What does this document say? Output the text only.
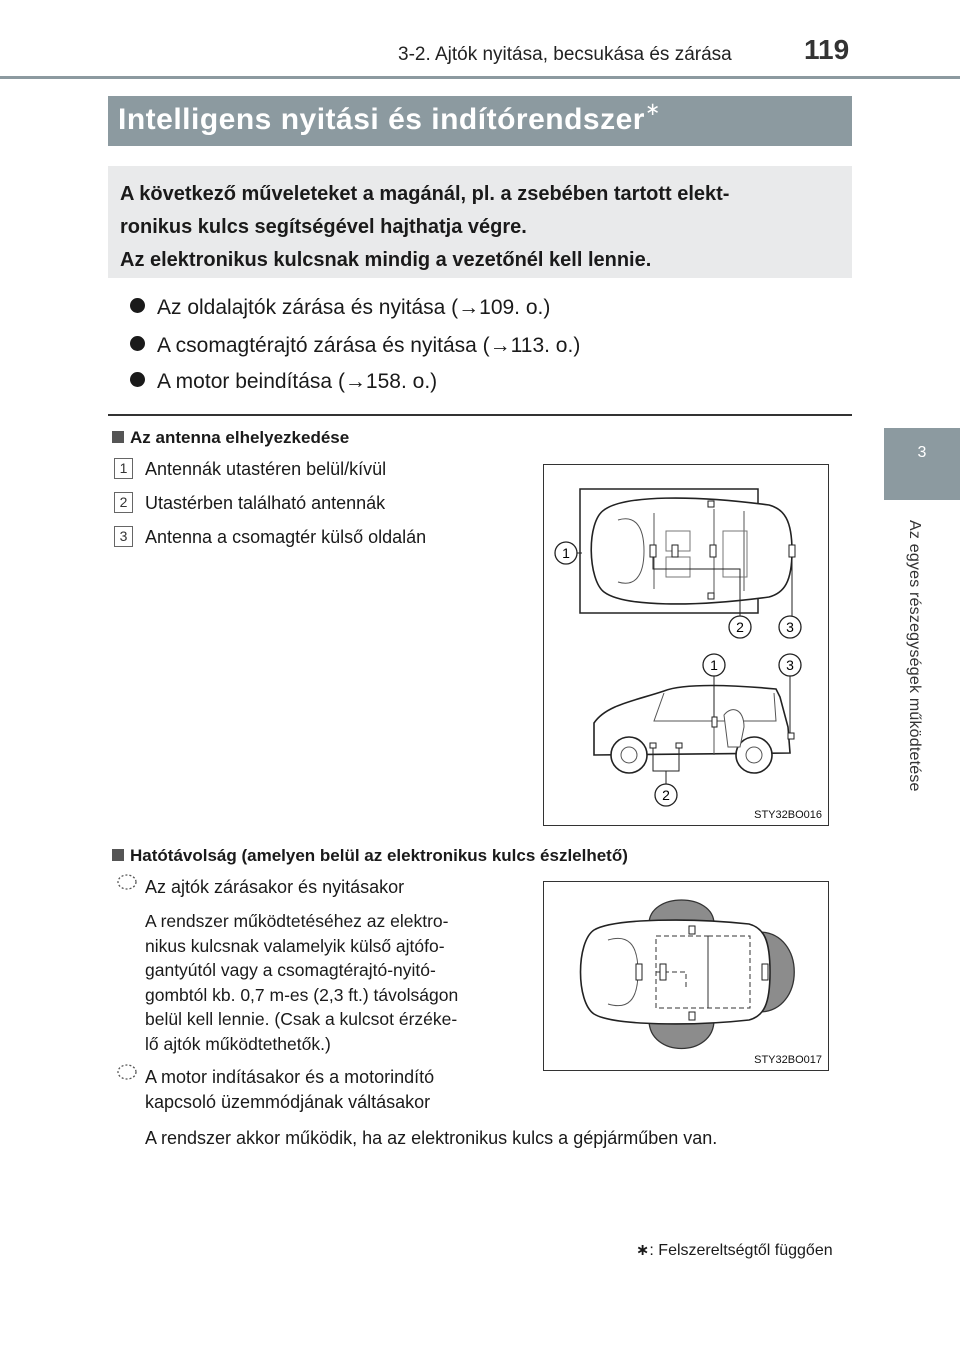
3-2. Ajtók nyitása, becsukása és zárása	119
3
Az egyes részegységek működtetése
Intelligens nyitási és indítórendszer∗
A következő műveleteket a magánál, pl. a zsebében tartott elekt-
ronikus kulcs segítségével hajthatja végre.
Az elektronikus kulcsnak mindig a vezetőnél kell lennie.
Az oldalajtók zárása és nyitása (→109. o.)
A csomagtérajtó zárása és nyitása (→113. o.)
A motor beindítása (→158. o.)
Az antenna elhelyezkedése
1 Antennák utastéren belül/kívül
2 Utastérben található antennák
3 Antenna a csomagtér külső oldalán
1
2	3
1	3
2
STY32BO016
Hatótávolság (amelyen belül az elektronikus kulcs észlelhető)
Az ajtók zárásakor és nyitásakor
A rendszer működtetéséhez az elektro-
nikus kulcsnak valamelyik külső ajtófo-
gantyútól vagy a csomagtérajtó-nyitó-
gombtól kb. 0,7 m-es (2,3 ft.) távolságon
belül kell lennie. (Csak a kulcsot érzéke-
lő ajtók működtethetők.)
A motor indításakor és a motorindító
kapcsoló üzemmódjának váltásakor
A rendszer akkor működik, ha az elektronikus kulcs a gépjárműben van.
STY32BO017
∗: Felszereltségtől függően
